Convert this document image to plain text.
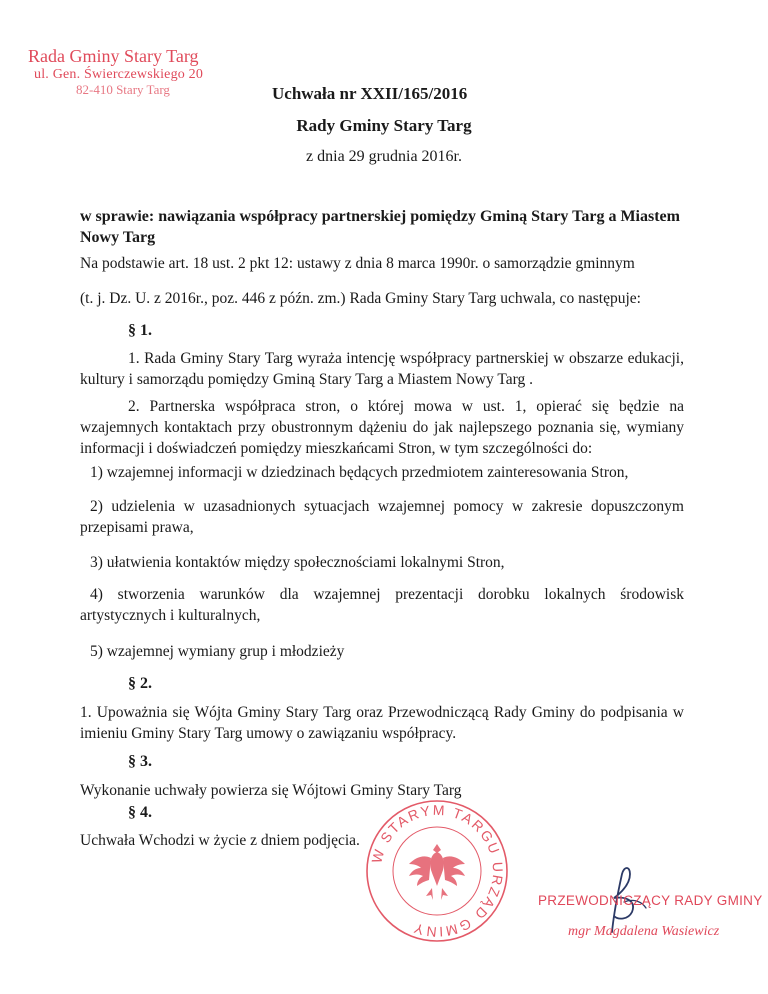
Rada Gminy Stary Targ
ul. Gen. Świerczewskiego 20
82-410 Stary Targ	Uchwała nr XXII/165/2016
Rady Gminy Stary Targ
z dnia 29 grudnia 2016r.
w sprawie: nawiązania współpracy partnerskiej pomiędzy Gminą Stary Targ a Miastem Nowy Targ
Na podstawie art. 18 ust. 2 pkt 12: ustawy z dnia 8 marca 1990r. o samorządzie gminnym
(t. j. Dz. U. z 2016r., poz. 446 z późn. zm.) Rada Gminy Stary Targ uchwala, co następuje:
§ 1.
1. Rada Gminy Stary Targ wyraża intencję współpracy partnerskiej w obszarze edukacji, kultury i samorządu pomiędzy Gminą Stary Targ a Miastem Nowy Targ .
2. Partnerska współpraca stron, o której mowa w ust. 1, opierać się będzie na wzajemnych kontaktach przy obustronnym dążeniu do jak najlepszego poznania się, wymiany informacji i doświadczeń pomiędzy mieszkańcami Stron, w tym szczególności do:
1) wzajemnej informacji w dziedzinach będących przedmiotem zainteresowania Stron,
2) udzielenia w uzasadnionych sytuacjach wzajemnej pomocy w zakresie dopuszczonym przepisami prawa,
3) ułatwienia kontaktów między społecznościami lokalnymi Stron,
4) stworzenia warunków dla wzajemnej prezentacji dorobku lokalnych środowisk artystycznych i kulturalnych,
5) wzajemnej wymiany grup i młodzieży
§ 2.
1. Upoważnia się Wójta Gminy Stary Targ oraz Przewodniczącą Rady Gminy do podpisania w imieniu Gminy Stary Targ umowy o zawiązaniu współpracy.
§ 3.
Wykonanie uchwały powierza się Wójtowi Gminy Stary Targ
§ 4.
Uchwała Wchodzi w życie z dniem podjęcia.
W STARYM TARGU URZĄD GMINY
PRZEWODNICZĄCY RADY GMINY
mgr Magdalena Wasiewicz
